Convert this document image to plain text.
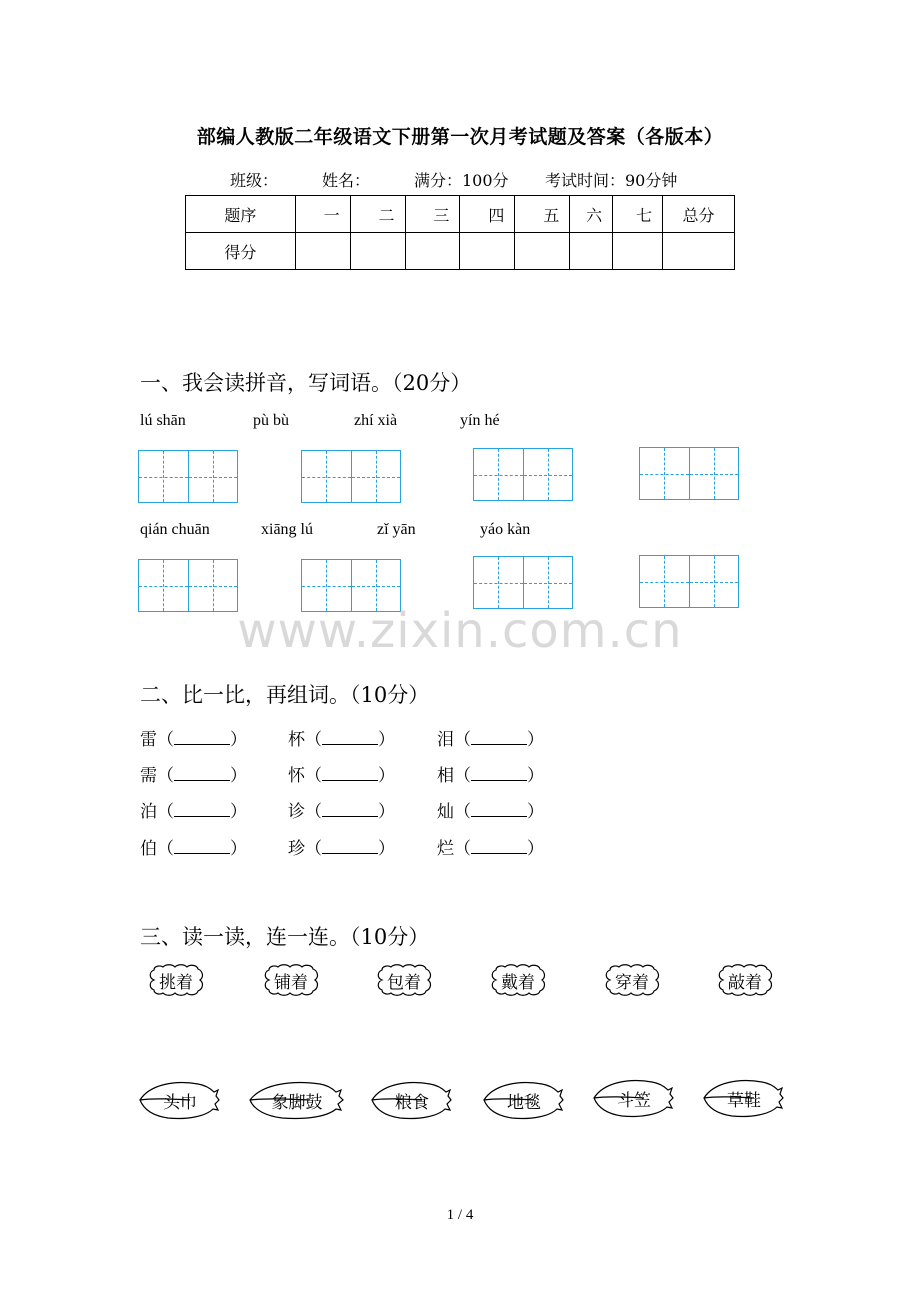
部编人教版二年级语文下册第一次月考试题及答案（各版本）
班级：	姓名：	满分：100分 考试时间：90分钟
题序	一	二	三	四	五	六	七	总分
得分								
一、我会读拼音，写词语。（20分）
lú shān	pù bù	zhí xià	yín hé
qián chuān	xiāng lú	zǐ yān	yáo kàn
www.zixin.com.cn
二、比一比，再组词。（10分）
雷（	） 杯（	） 泪（	）
需（	） 怀（	） 相（	）
泊（	） 诊（	） 灿（	）
伯（	） 珍（	） 烂（	）
三、读一读，连一连。（10分）
挑着	铺着	包着	戴着	穿着	敲着
头巾	象脚鼓	粮食	地毯	斗笠	草鞋
1 / 4
